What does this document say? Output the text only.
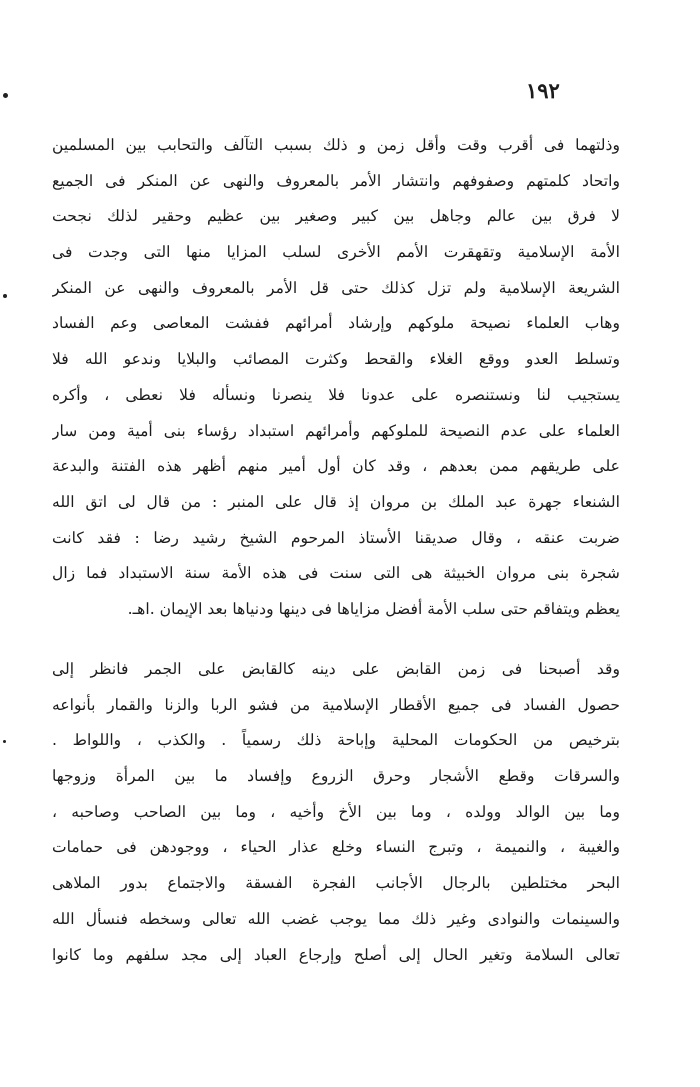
١٩٢
وذلتهما فى أقرب وقت وأقل زمن و ذلك بسبب التآلف والتحابب بين المسلمين
واتحاد كلمتهم وصفوفهم وانتشار الأمر بالمعروف والنهى عن المنكر فى الجميع
لا فرق بين عالم وجاهل بين كبير وصغير بين عظيم وحقير لذلك نجحت
الأمة الإسلامية وتقهقرت الأمم الأخرى لسلب المزايا منها التى وجدت فى
الشريعة الإسلامية ولم تزل كذلك حتى قل الأمر بالمعروف والنهى عن المنكر
وهاب العلماء نصيحة ملوكهم وإرشاد أمرائهم ففشت المعاصى وعم الفساد
وتسلط العدو ووقع الغلاء والقحط وكثرت المصائب والبلايا وندعو الله فلا
يستجيب لنا ونستنصره على عدونا فلا ينصرنا ونسأله فلا نعطى ، وأكره
العلماء على عدم النصيحة للملوكهم وأمرائهم استبداد رؤساء بنى أمية ومن سار
على طريقهم ممن بعدهم ، وقد كان أول أمير منهم أظهر هذه الفتنة والبدعة
الشنعاء جهرة عبد الملك بن مروان إذ قال على المنبر : من قال لى اتق الله
ضربت عنقه ، وقال صديقنا الأستاذ المرحوم الشيخ رشيد رضا : فقد كانت
شجرة بنى مروان الخبيثة هى التى سنت فى هذه الأمة سنة الاستبداد فما زال
يعظم ويتفاقم حتى سلب الأمة أفضل مزاياها فى دينها ودنياها بعد الإيمان .اهـ.
وقد أصبحنا فى زمن القابض على دينه كالقابض على الجمر فانظر إلى
حصول الفساد فى جميع الأقطار الإسلامية من فشو الربا والزنا والقمار بأنواعه
بترخيص من الحكومات المحلية وإباحة ذلك رسمياً . والكذب ، واللواط .
والسرقات وقطع الأشجار وحرق الزروع وإفساد ما بين المرأة وزوجها
وما بين الوالد وولده ، وما بين الأخ وأخيه ، وما بين الصاحب وصاحبه ،
والغيبة ، والنميمة ، وتبرج النساء وخلع عذار الحياء ، ووجودهن فى حمامات
البحر مختلطين بالرجال الأجانب الفجرة الفسقة والاجتماع بدور الملاهى
والسينمات والنوادى وغير ذلك مما يوجب غضب الله تعالى وسخطه فنسأل الله
تعالى السلامة وتغير الحال إلى أصلح وإرجاع العباد إلى مجد سلفهم وما كانوا
